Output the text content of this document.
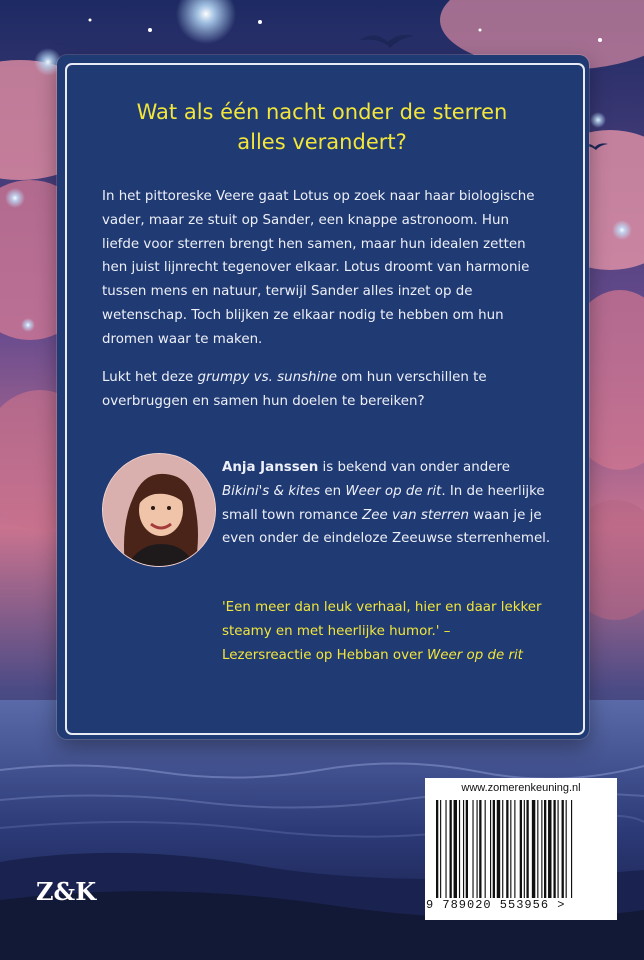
Wat als één nacht onder de sterren
alles verandert?
In het pittoreske Veere gaat Lotus op zoek naar haar biologische vader, maar ze stuit op Sander, een knappe astronoom. Hun liefde voor sterren brengt hen samen, maar hun idealen zetten hen juist lijnrecht tegenover elkaar. Lotus droomt van harmonie tussen mens en natuur, terwijl Sander alles inzet op de wetenschap. Toch blijken ze elkaar nodig te hebben om hun dromen waar te maken.
Lukt het deze grumpy vs. sunshine om hun verschillen te overbruggen en samen hun doelen te bereiken?
Anja Janssen is bekend van onder andere Bikini's & kites en Weer op de rit. In de heerlijke small town romance Zee van sterren waan je je even onder de eindeloze Zeeuwse sterrenhemel.
'Een meer dan leuk verhaal, hier en daar lekker steamy en met heerlijke humor.' –
Lezersreactie op Hebban over Weer op de rit
www.zomerenkeuning.nl
9 789020 553956 >
Z&K
